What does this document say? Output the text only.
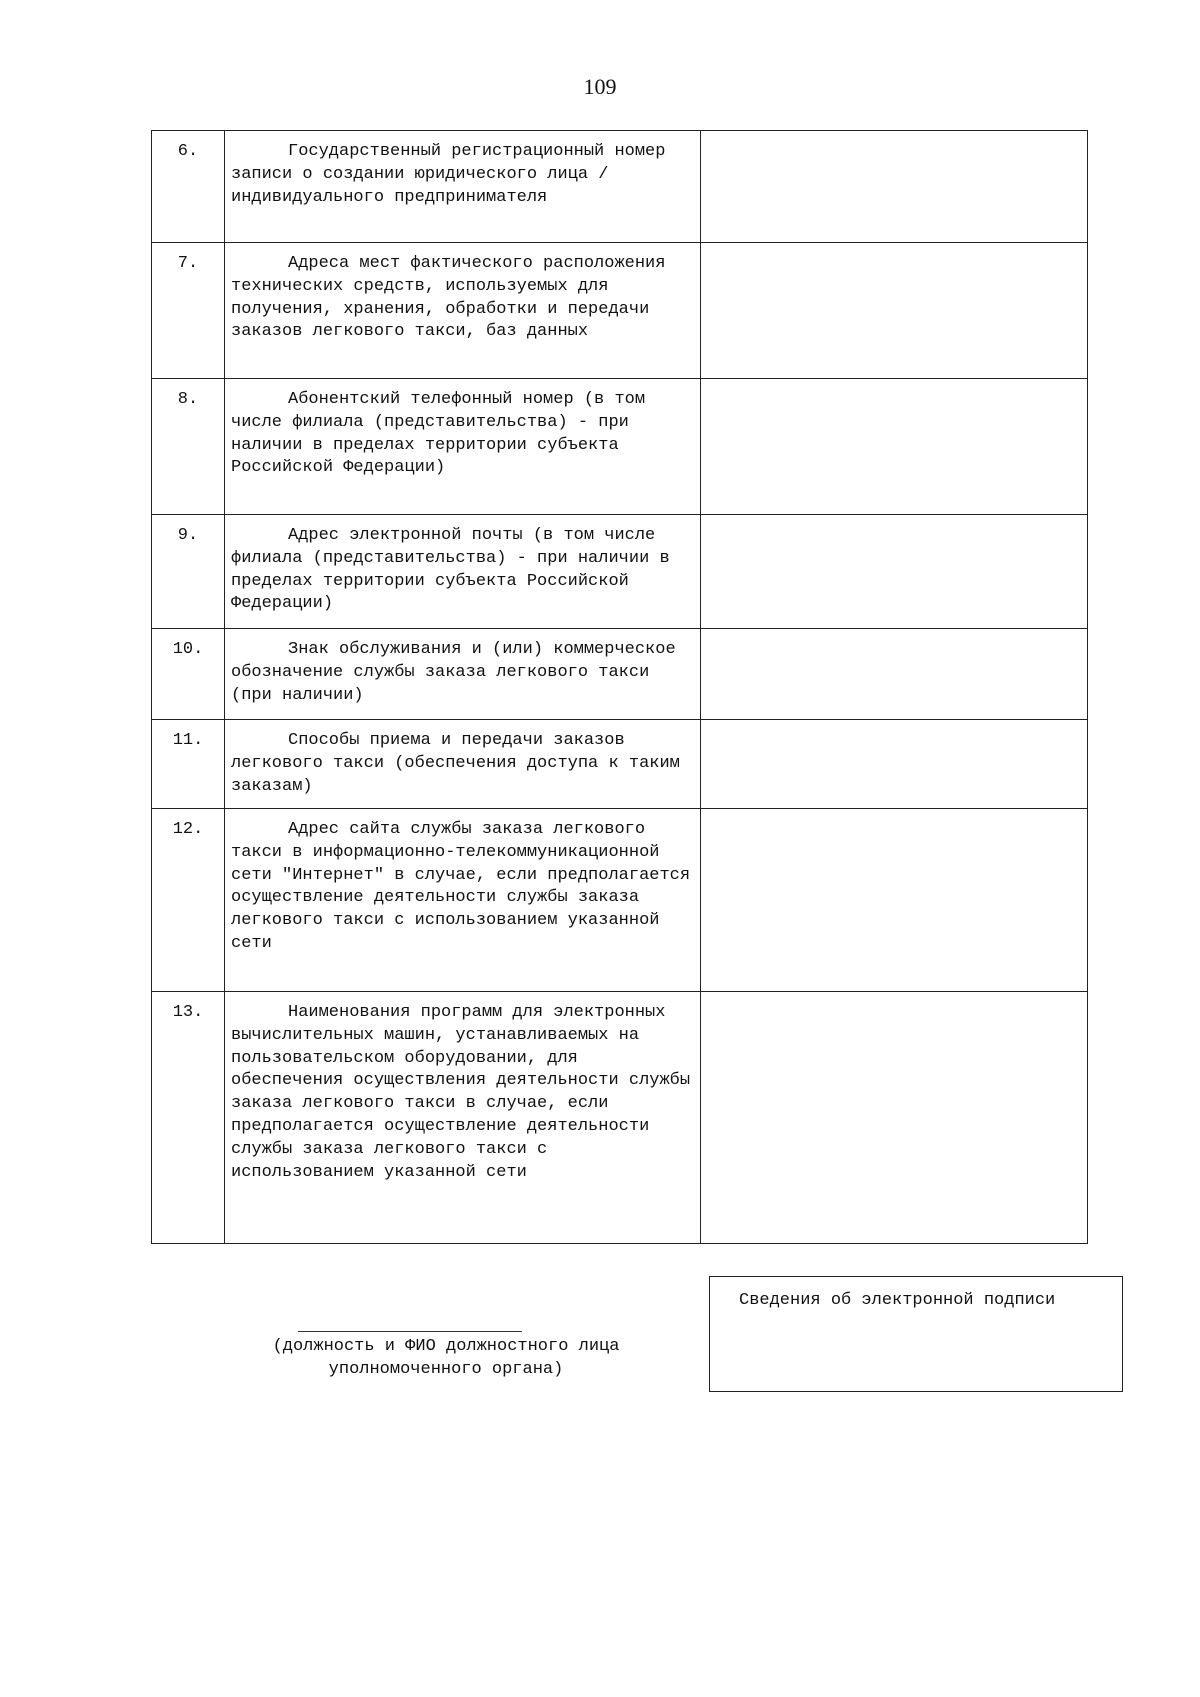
109
6.	Государственный регистрационный номер записи о создании юридического лица / индивидуального предпринимателя	
7.	Адреса мест фактического расположения технических средств, используемых для получения, хранения, обработки и передачи заказов легкового такси, баз данных	
8.	Абонентский телефонный номер (в том числе филиала (представительства) - при наличии в пределах территории субъекта Российской Федерации)	
9.	Адрес электронной почты (в том числе филиала (представительства) - при наличии в пределах территории субъекта Российской Федерации)	
10.	Знак обслуживания и (или) коммерческое обозначение службы заказа легкового такси (при наличии)	
11.	Способы приема и передачи заказов легкового такси (обеспечения доступа к таким заказам)	
12.	Адрес сайта службы заказа легкового такси в информационно-телекоммуникационной сети "Интернет" в случае, если предполагается осуществление деятельности службы заказа легкового такси с использованием указанной сети	
13.	Наименования программ для электронных вычислительных машин, устанавливаемых на пользовательском оборудовании, для обеспечения осуществления деятельности службы заказа легкового такси в случае, если предполагается осуществление деятельности службы заказа легкового такси с использованием указанной сети	
(должность и ФИО должностного лица уполномоченного органа)
Сведения об электронной подписи
